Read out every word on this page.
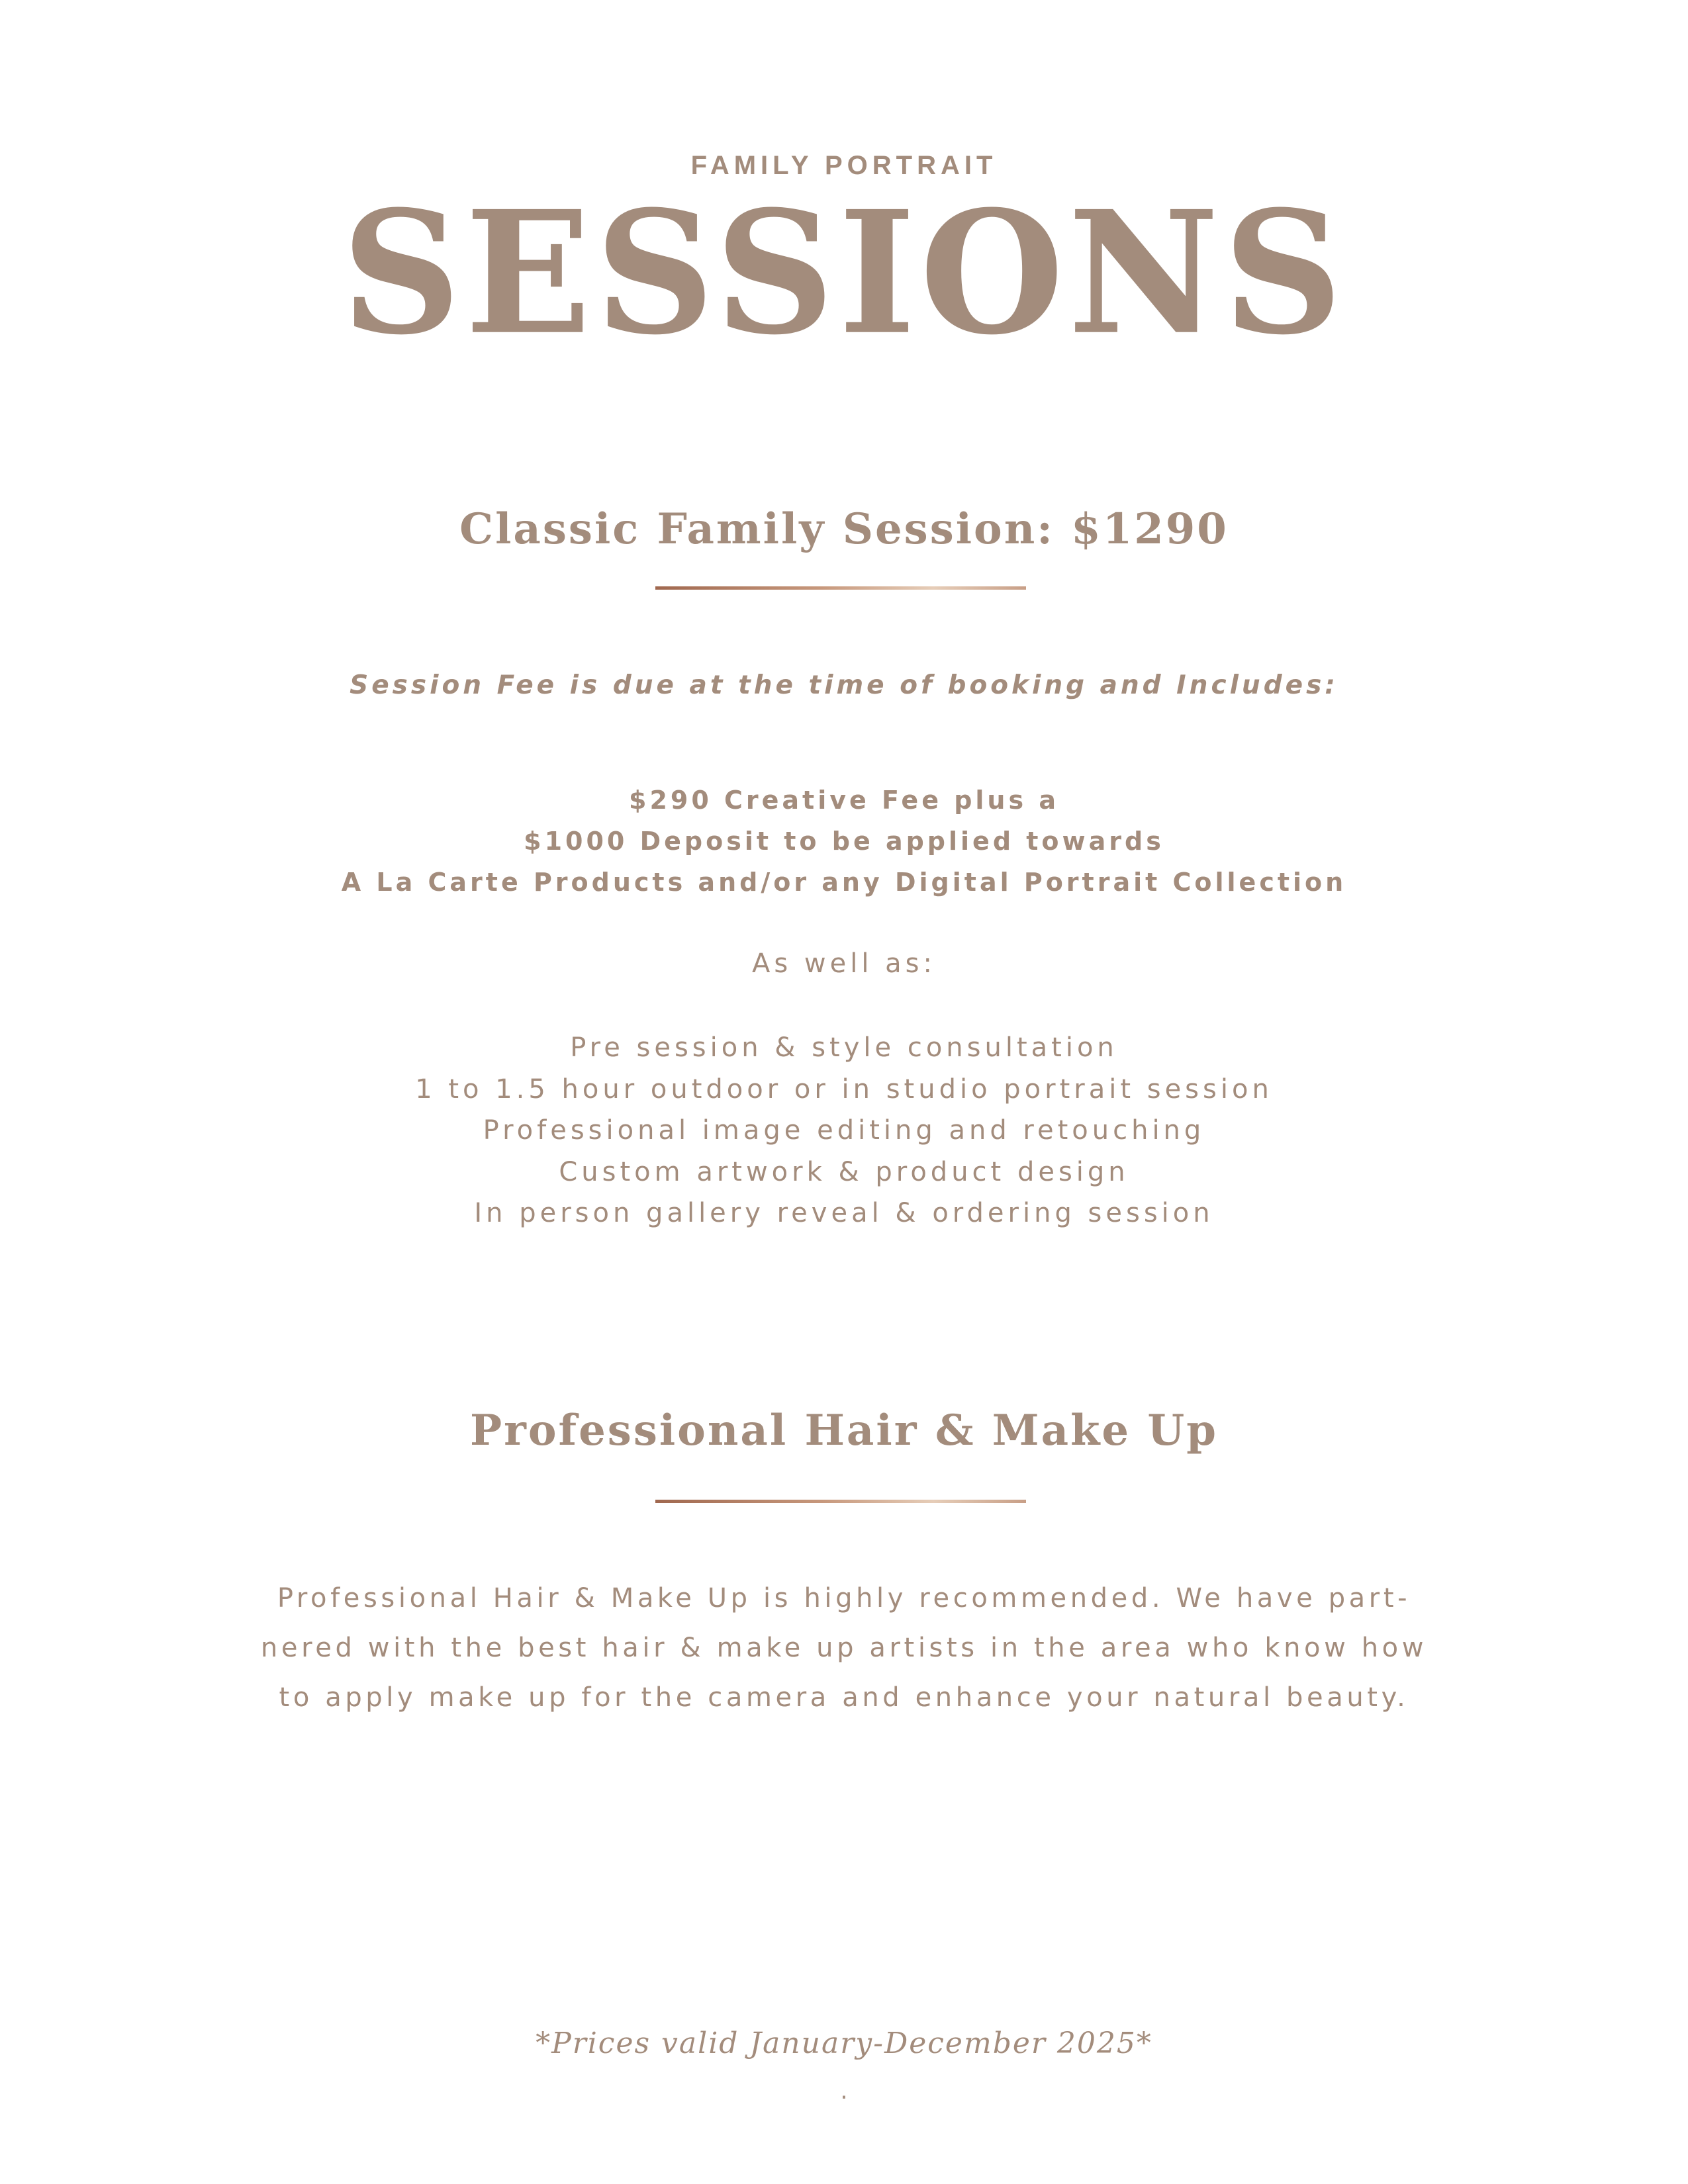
FAMILY PORTRAIT
SESSIONS
Classic Family Session: $1290
Session Fee is due at the time of booking and Includes:
$290 Creative Fee plus a
$1000 Deposit to be applied towards
A La Carte Products and/or any Digital Portrait Collection
As well as:
Pre session & style consultation
1 to 1.5 hour outdoor or in studio portrait session
Professional image editing and retouching
Custom artwork & product design
In person gallery reveal & ordering session
Professional Hair & Make Up
Professional Hair & Make Up is highly recommended. We have part-
nered with the best hair & make up artists in the area who know how
to apply make up for the camera and enhance your natural beauty.
*Prices valid January-December 2025*
.
